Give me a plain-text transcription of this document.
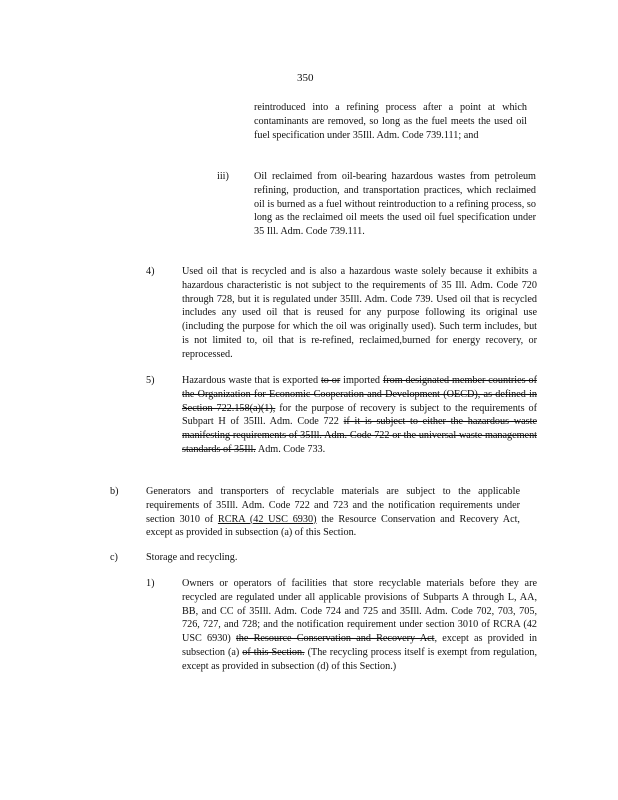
350
reintroduced into a refining process after a point at which contaminants are removed, so long as the fuel meets the used oil fuel specification under 35Ill. Adm. Code 739.111; and
iii) Oil reclaimed from oil-bearing hazardous wastes from petroleum refining, production, and transportation practices, which reclaimed oil is burned as a fuel without reintroduction to a refining process, so long as the reclaimed oil meets the used oil fuel specification under 35 Ill. Adm. Code 739.111.
4)	Used oil that is recycled and is also a hazardous waste solely because it exhibits a hazardous characteristic is not subject to the requirements of 35 Ill. Adm. Code 720 through 728, but it is regulated under 35Ill. Adm. Code 739. Used oil that is recycled includes any used oil that is reused for any purpose following its original use (including the purpose for which the oil was originally used). Such term includes, but is not limited to, oil that is re-refined, reclaimed,burned for energy recovery, or reprocessed.
5)	Hazardous waste that is exported to or imported from designated member countries of the Organization for Economic Cooperation and Development (OECD), as defined in Section 722.158(a)(1), for the purpose of recovery is subject to the requirements of Subpart H of 35Ill. Adm. Code 722 if it is subject to either the hazardous waste manifesting requirements of 35Ill. Adm. Code 722 or the universal waste management standards of 35Ill. Adm. Code 733.
b)	Generators and transporters of recyclable materials are subject to the applicable requirements of 35Ill. Adm. Code 722 and 723 and the notification requirements under section 3010 of RCRA (42 USC 6930) the Resource Conservation and Recovery Act, except as provided in subsection (a) of this Section.
c)	Storage and recycling.
1)	Owners or operators of facilities that store recyclable materials before they are recycled are regulated under all applicable provisions of Subparts A through L, AA, BB, and CC of 35Ill. Adm. Code 724 and 725 and 35Ill. Adm. Code 702, 703, 705, 726, 727, and 728; and the notification requirement under section 3010 of RCRA (42 USC 6930) the Resource Conservation and Recovery Act, except as provided in subsection (a) of this Section. (The recycling process itself is exempt from regulation, except as provided in subsection (d) of this Section.)
